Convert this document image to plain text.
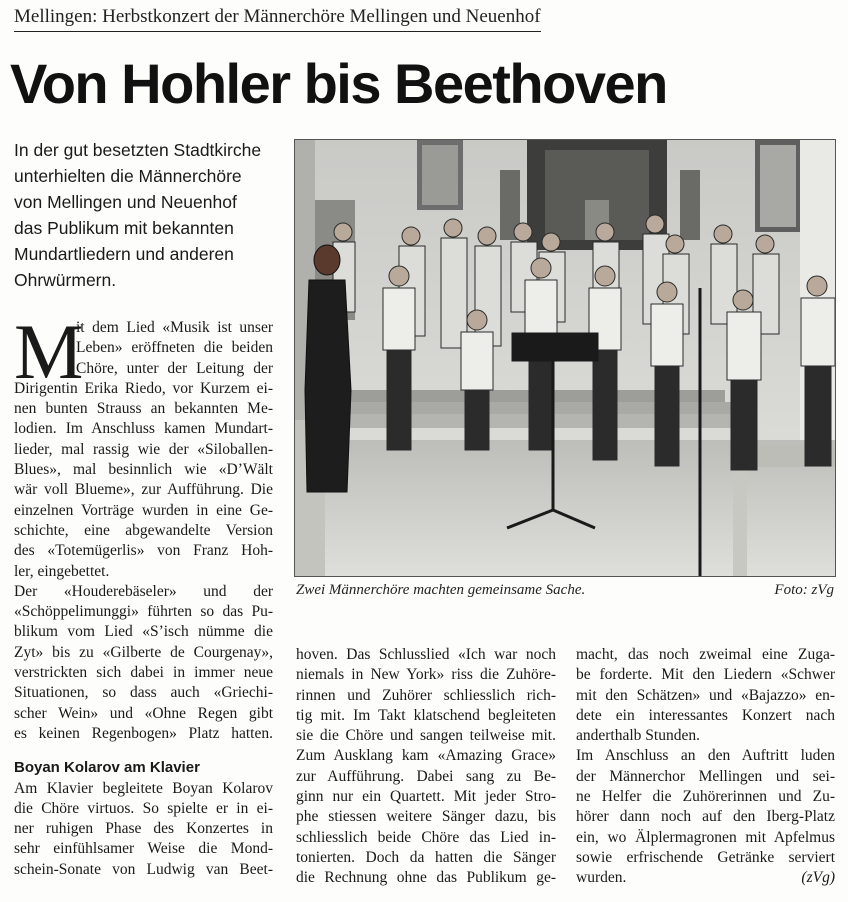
Mellingen: Herbstkonzert der Männerchöre Mellingen und Neuenhof
Von Hohler bis Beethoven
In der gut besetzten Stadtkirche
unterhielten die Männerchöre
von Mellingen und Neuenhof
das Publikum mit bekannten
Mundartliedern und anderen
Ohrwürmern.
Zwei Männerchöre machten gemeinsame Sache.	Foto: zVg
M
it dem Lied «Musik ist unser
Leben» eröffneten die beiden
Chöre, unter der Leitung der
Dirigentin Erika Riedo, vor Kurzem ei-
nen bunten Strauss an bekannten Me-
lodien. Im Anschluss kamen Mundart-
lieder, mal rassig wie der «Siloballen-
Blues», mal besinnlich wie «D’Wält
wär voll Blueme», zur Aufführung. Die
einzelnen Vorträge wurden in eine Ge-
schichte, eine abgewandelte Version
des «Totemügerlis» von Franz Hoh-
ler, eingebettet.
Der «Houderebäseler» und der
«Schöppelimunggi» führten so das Pu-
blikum vom Lied «S’isch nümme die
Zyt» bis zu «Gilberte de Courgenay»,
verstrickten sich dabei in immer neue
Situationen, so dass auch «Griechi-
scher Wein» und «Ohne Regen gibt
es keinen Regenbogen» Platz hatten.
Boyan Kolarov am Klavier
Am Klavier begleitete Boyan Kolarov
die Chöre virtuos. So spielte er in ei-
ner ruhigen Phase des Konzertes in
sehr einfühlsamer Weise die Mond-
schein-Sonate von Ludwig van Beet-
hoven. Das Schlusslied «Ich war noch
niemals in New York» riss die Zuhöre-
rinnen und Zuhörer schliesslich rich-
tig mit. Im Takt klatschend begleiteten
sie die Chöre und sangen teilweise mit.
Zum Ausklang kam «Amazing Grace»
zur Aufführung. Dabei sang zu Be-
ginn nur ein Quartett. Mit jeder Stro-
phe stiessen weitere Sänger dazu, bis
schliesslich beide Chöre das Lied in-
tonierten. Doch da hatten die Sänger
die Rechnung ohne das Publikum ge-
macht, das noch zweimal eine Zuga-
be forderte. Mit den Liedern «Schwer
mit den Schätzen» und «Bajazzo» en-
dete ein interessantes Konzert nach
anderthalb Stunden.
Im Anschluss an den Auftritt luden
der Männerchor Mellingen und sei-
ne Helfer die Zuhörerinnen und Zu-
hörer dann noch auf den Iberg-Platz
ein, wo Älplermagronen mit Apfelmus
sowie erfrischende Getränke serviert
wurden.	(zVg)
